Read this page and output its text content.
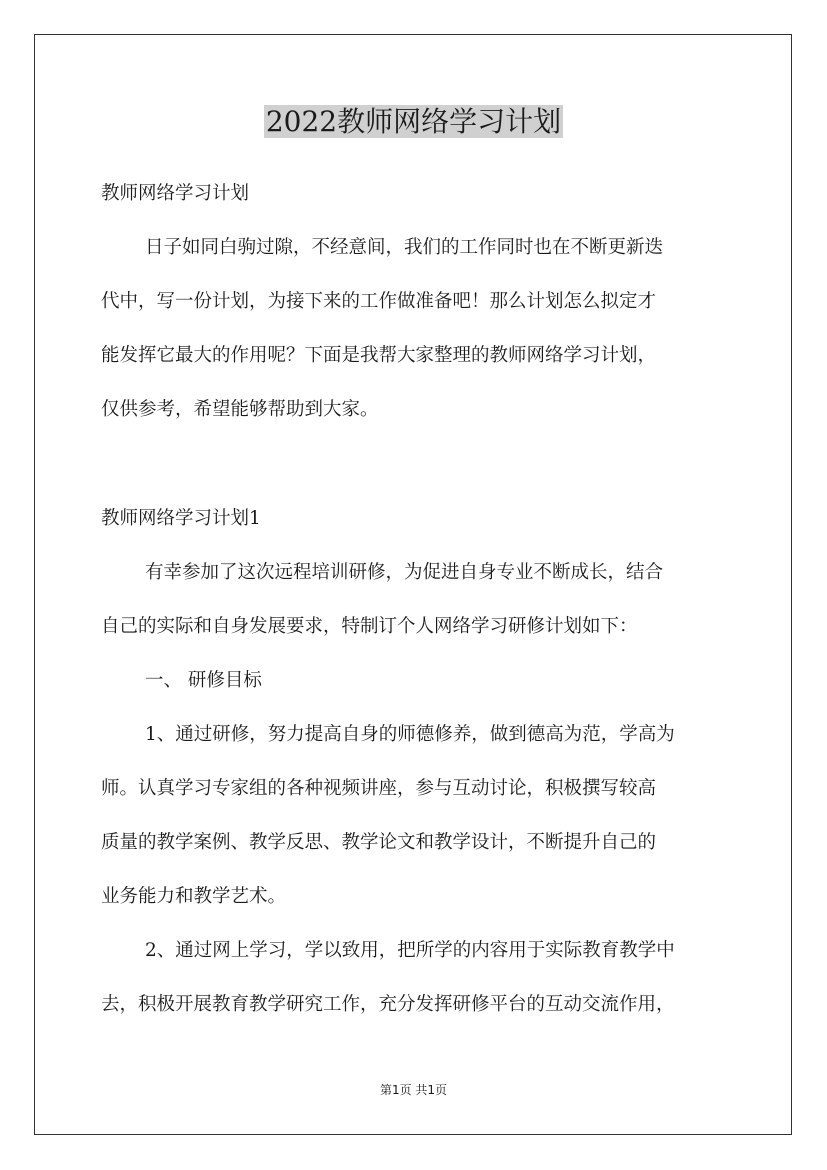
2022教师网络学习计划
教师网络学习计划
日子如同白驹过隙，不经意间，我们的工作同时也在不断更新迭
代中，写一份计划，为接下来的工作做准备吧！那么计划怎么拟定才
能发挥它最大的作用呢？下面是我帮大家整理的教师网络学习计划，
仅供参考，希望能够帮助到大家。
教师网络学习计划1
有幸参加了这次远程培训研修，为促进自身专业不断成长，结合
自己的实际和自身发展要求，特制订个人网络学习研修计划如下：
一、 研修目标
1、通过研修，努力提高自身的师德修养，做到德高为范，学高为
师。认真学习专家组的各种视频讲座，参与互动讨论，积极撰写较高
质量的教学案例、教学反思、教学论文和教学设计，不断提升自己的
业务能力和教学艺术。
2、通过网上学习，学以致用，把所学的内容用于实际教育教学中
去，积极开展教育教学研究工作，充分发挥研修平台的互动交流作用，
第1页 共1页
